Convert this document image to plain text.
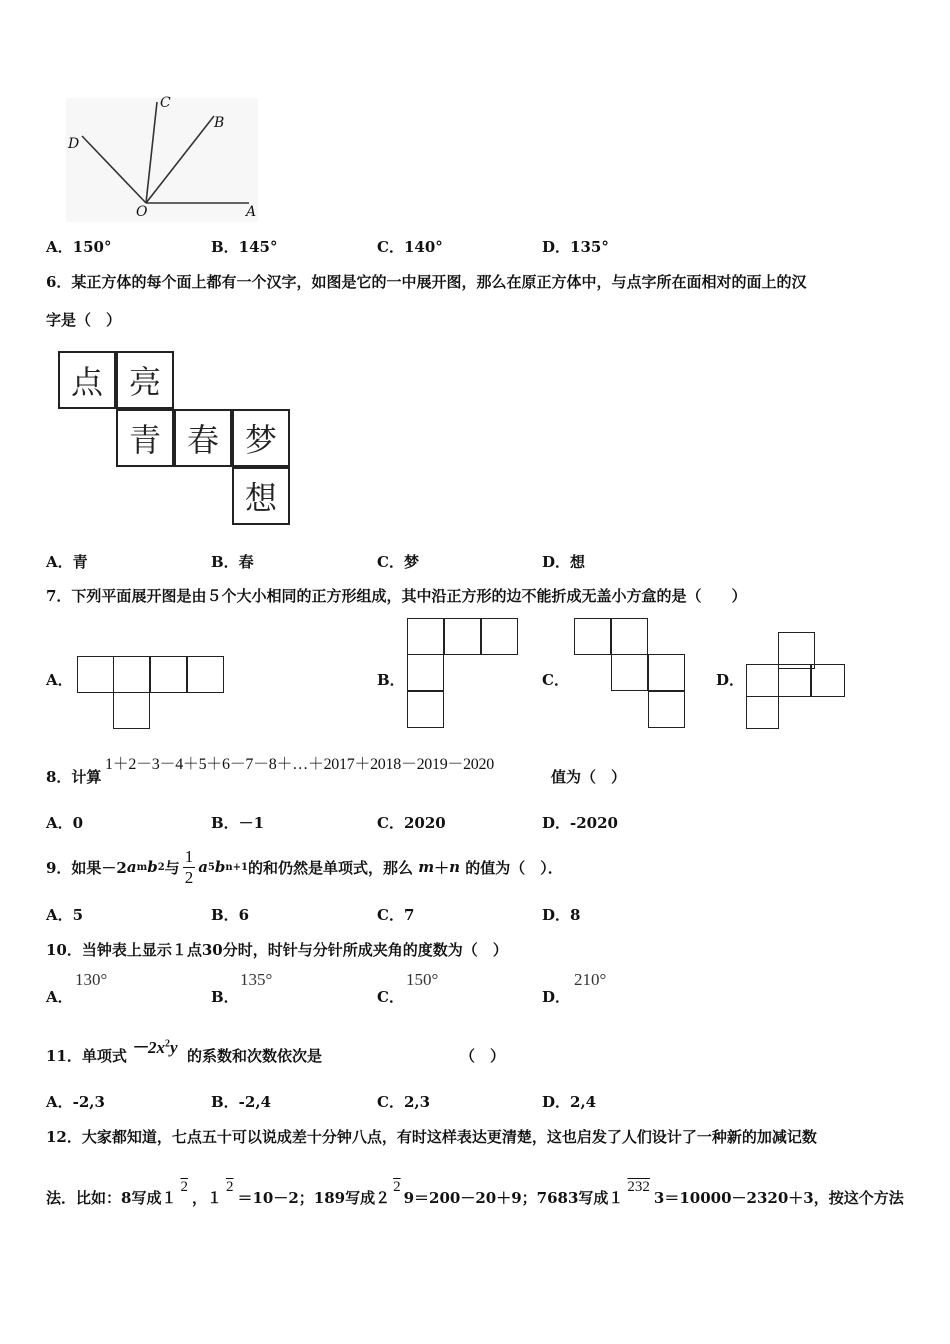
C
B
D
O	A
A．150°	B．145°	C．140°	D．135°
6．某正方体的每个面上都有一个汉字，如图是它的一中展开图，那么在原正方体中，与点字所在面相对的面上的汉
字是（　）
点 亮
青 春 梦
想
A．青	B．春	C．梦	D．想
7．下列平面展开图是由５个大小相同的正方形组成，其中沿正方形的边不能折成无盖小方盒的是（　　）
A．	B．	C．	D．
8．计算
1＋2－3－4＋5＋6－7－8＋…＋2017＋2018－2019－2020
值为（　）
A．0	B．－1	C．2020	D．-2020
9．如果－2 a m b 2 与 $\frac{1}{2}$ a 5 b n+1 的和仍然是单项式，那么
m ＋ n
的值为（　）．
A．5	B．6	C．7	D．8
10．当钟表上显示１点30分时，时针与分针所成夹角的度数为（　）
A．
130°
B．
135°
C．
150°
D．
210°
11．单项式 $-2x^2y$ 的系数和次数依次是	（　）
A．-2,3	B．-2,4	C．2,3	D．2,4
12．大家都知道，七点五十可以说成差十分钟八点，有时这样表达更清楚，这也启发了人们设计了一种新的加减记数
法．比如：8写成１2，１2＝10－2；189写成２29＝200－20＋9；7683写成１2323＝10000－2320＋3，按这个方法
